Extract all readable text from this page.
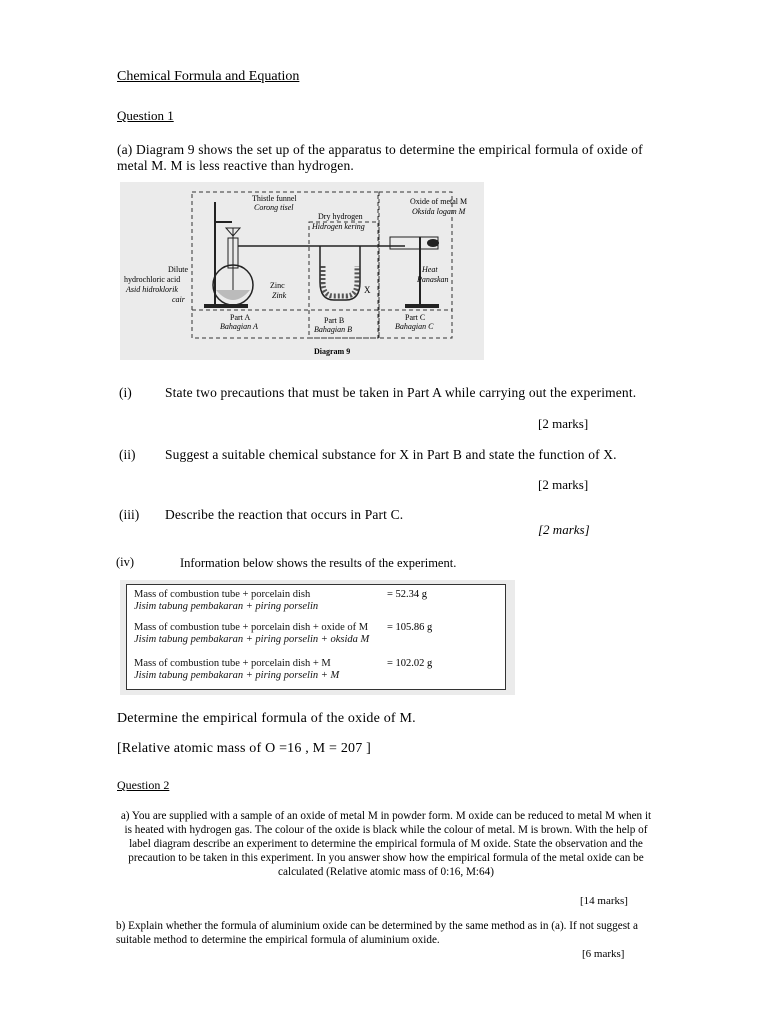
Chemical Formula and Equation
Question 1
(a) Diagram 9 shows the set up of the apparatus to determine the empirical formula of oxide of metal M. M is less reactive than hydrogen.
Thistle funnel
Corong tisel
Dry hydrogen
Hidrogen kering
Oxide of metal M
Oksida logam M
Dilute
hydrochloric acid
Asid hidroklorik
cair
Zinc
Zink
X
Heat
Panaskan
Part A
Bahagian A
Part B
Bahagian B
Part C
Bahagian C
Diagram 9
(i) State two precautions that must be taken in Part A while carrying out the experiment.
[2 marks]
(ii) Suggest a suitable chemical substance for X in Part B and state the function of X.
[2 marks]
(iii) Describe the reaction that occurs in Part C.
[2 marks]
(iv)	Information below shows the results of the experiment.
Mass of combustion tube + porcelain dish
Jisim tabung pembakaran + piring porselin
= 52.34 g
Mass of combustion tube + porcelain dish + oxide of M
Jisim tabung pembakaran + piring porselin + oksida M
= 105.86 g
Mass of combustion tube + porcelain dish + M
Jisim tabung pembakaran + piring porselin + M
= 102.02 g
Determine the empirical formula of the oxide of M.
[Relative atomic mass of O =16 , M = 207 ]
Question 2
a) You are supplied with a sample of an oxide of metal M in powder form. M oxide can be reduced to metal M when it is heated with hydrogen gas. The colour of the oxide is black while the colour of metal. M is brown. With the help of label diagram describe an experiment to determine the empirical formula of M oxide. State the observation and the precaution to be taken in this experiment. In you answer show how the empirical formula of the metal oxide can be calculated (Relative atomic mass of 0:16, M:64)
[14 marks]
b) Explain whether the formula of aluminium oxide can be determined by the same method as in (a). If not suggest a suitable method to determine the empirical formula of aluminium oxide.
[6 marks]
